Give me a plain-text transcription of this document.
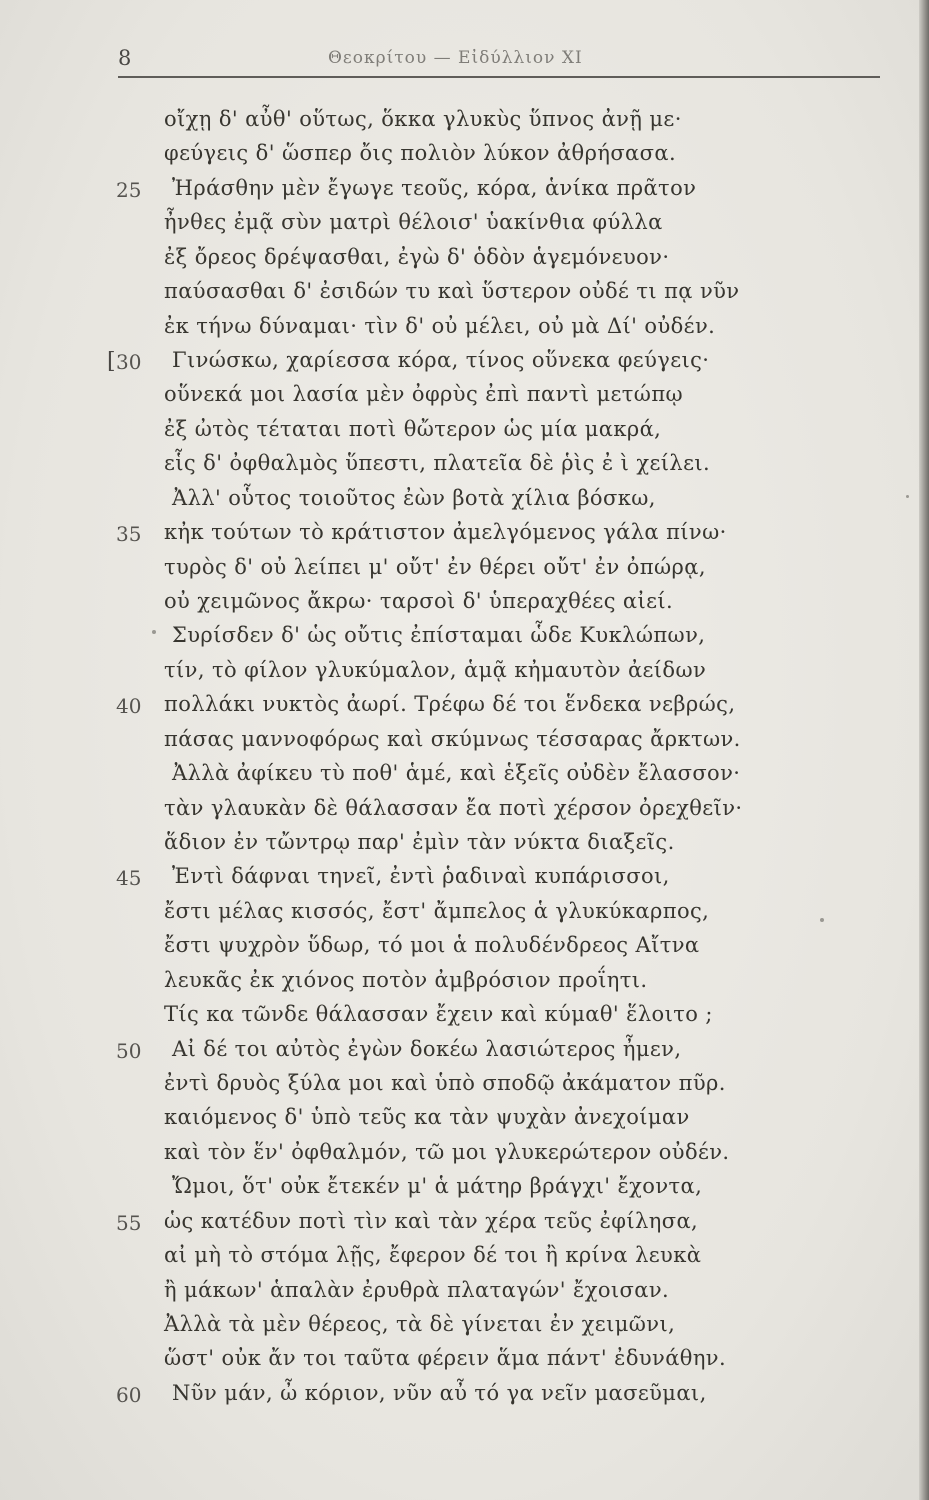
8	Θεοκρίτου — Εἰδύλλιον XI
οἴχῃ δ' αὖθ' οὕτως, ὅκκα γλυκὺς ὕπνος ἀνῇ με·
φεύγεις δ' ὥσπερ ὄις πολιὸν λύκον ἀθρήσασα.
25	Ἠράσθην μὲν ἔγωγε τεοῦς, κόρα, ἁνίκα πρᾶτον
ἦνθες ἐμᾷ σὺν ματρὶ θέλοισ' ὑακίνθια φύλλα
ἐξ ὄρεος δρέψασθαι, ἐγὼ δ' ὁδὸν ἁγεμόνευον·
παύσασθαι δ' ἐσιδών τυ καὶ ὕστερον οὐδέ τι πᾳ νῦν
ἐκ τήνω δύναμαι· τὶν δ' οὐ μέλει, οὐ μὰ Δί' οὐδέν.
30
[	Γινώσκω, χαρίεσσα κόρα, τίνος οὕνεκα φεύγεις·
οὕνεκά μοι λασία μὲν ὀφρὺς ἐπὶ παντὶ μετώπῳ
ἐξ ὠτὸς τέταται ποτὶ θὤτερον ὡς μία μακρά,
εἷς δ' ὀφθαλμὸς ὕπεστι, πλατεῖα δὲ ῥὶς ἐ ὶ χείλει.
Ἀλλ' οὗτος τοιοῦτος ἐὼν βοτὰ χίλια βόσκω,
35	κἠκ τούτων τὸ κράτιστον ἀμελγόμενος γάλα πίνω·
τυρὸς δ' οὐ λείπει μ' οὔτ' ἐν θέρει οὔτ' ἐν ὀπώρᾳ,
οὐ χειμῶνος ἄκρω· ταρσοὶ δ' ὑπεραχθέες αἰεί.
Συρίσδεν δ' ὡς οὔτις ἐπίσταμαι ὧδε Κυκλώπων,
τίν, τὸ φίλον γλυκύμαλον, ἁμᾷ κἠμαυτὸν ἀείδων
40	πολλάκι νυκτὸς ἀωρί. Τρέφω δέ τοι ἕνδεκα νεβρώς,
πάσας μαννοφόρως καὶ σκύμνως τέσσαρας ἄρκτων.
Ἀλλὰ ἀφίκευ τὺ ποθ' ἁμέ, καὶ ἑξεῖς οὐδὲν ἔλασσον·
τὰν γλαυκὰν δὲ θάλασσαν ἔα ποτὶ χέρσον ὀρεχθεῖν·
ἅδιον ἐν τὤντρῳ παρ' ἐμὶν τὰν νύκτα διαξεῖς.
45	Ἐντὶ δάφναι τηνεῖ, ἐντὶ ῥαδιναὶ κυπάρισσοι,
ἔστι μέλας κισσός, ἔστ' ἄμπελος ἁ γλυκύκαρπος,
ἔστι ψυχρὸν ὕδωρ, τό μοι ἁ πολυδένδρεος Αἴτνα
λευκᾶς ἐκ χιόνος ποτὸν ἀμβρόσιον προΐητι.
Τίς κα τῶνδε θάλασσαν ἔχειν καὶ κύμαθ' ἕλοιτο ;
50	Αἰ δέ τοι αὐτὸς ἐγὼν δοκέω λασιώτερος ἦμεν,
ἐντὶ δρυὸς ξύλα μοι καὶ ὑπὸ σποδῷ ἀκάματον πῦρ.
καιόμενος δ' ὑπὸ τεῦς κα τὰν ψυχὰν ἀνεχοίμαν
καὶ τὸν ἕν' ὀφθαλμόν, τῶ μοι γλυκερώτερον οὐδέν.
Ὤμοι, ὅτ' οὐκ ἔτεκέν μ' ἁ μάτηρ βράγχι' ἔχοντα,
55	ὡς κατέδυν ποτὶ τὶν καὶ τὰν χέρα τεῦς ἐφίλησα,
αἰ μὴ τὸ στόμα λῇς, ἔφερον δέ τοι ἢ κρίνα λευκὰ
ἢ μάκων' ἁπαλὰν ἐρυθρὰ πλαταγών' ἔχοισαν.
Ἀλλὰ τὰ μὲν θέρεος, τὰ δὲ γίνεται ἐν χειμῶνι,
ὥστ' οὐκ ἄν τοι ταῦτα φέρειν ἅμα πάντ' ἐδυνάθην.
60	Νῦν μάν, ὦ κόριον, νῦν αὖ τό γα νεῖν μασεῦμαι,
